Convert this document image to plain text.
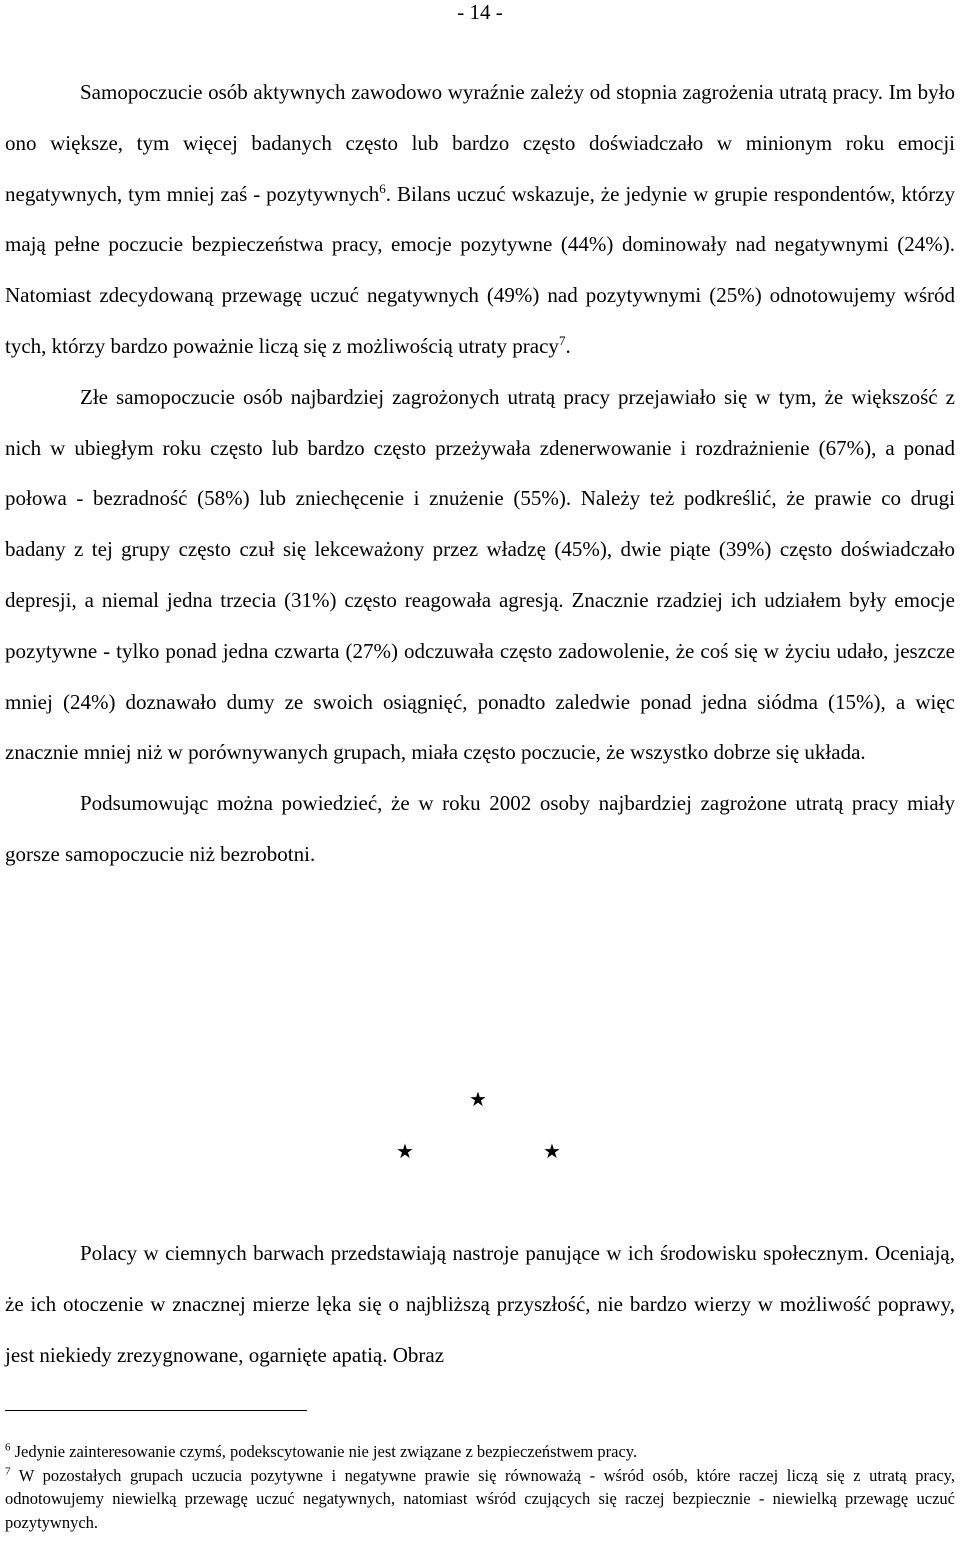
- 14 -

Samopoczucie osób aktywnych zawodowo wyraźnie zależy od stopnia zagrożenia utratą pracy. Im było ono większe, tym więcej badanych często lub bardzo często doświadczało w minionym roku emocji negatywnych, tym mniej zaś - pozytywnych$^6$. Bilans uczuć wskazuje, że jedynie w grupie respondentów, którzy mają pełne poczucie bezpieczeństwa pracy, emocje pozytywne (44%) dominowały nad negatywnymi (24%). Natomiast zdecydowaną przewagę uczuć negatywnych (49%) nad pozytywnymi (25%) odnotowujemy wśród tych, którzy bardzo poważnie liczą się z możliwością utraty pracy$^7$.

Złe samopoczucie osób najbardziej zagrożonych utratą pracy przejawiało się w tym, że większość z nich w ubiegłym roku często lub bardzo często przeżywała zdenerwowanie i rozdrażnienie (67%), a ponad połowa - bezradność (58%) lub zniechęcenie i znużenie (55%). Należy też podkreślić, że prawie co drugi badany z tej grupy często czuł się lekceważony przez władzę (45%), dwie piąte (39%) często doświadczało depresji, a niemal jedna trzecia (31%) często reagowała agresją. Znacznie rzadziej ich udziałem były emocje pozytywne - tylko ponad jedna czwarta (27%) odczuwała często zadowolenie, że coś się w życiu udało, jeszcze mniej (24%) doznawało dumy ze swoich osiągnięć, ponadto zaledwie ponad jedna siódma (15%), a więc znacznie mniej niż w porównywanych grupach, miała często poczucie, że wszystko dobrze się układa.

Podsumowując można powiedzieć, że w roku 2002 osoby najbardziej zagrożone utratą pracy miały gorsze samopoczucie niż bezrobotni.

★
★	★

Polacy w ciemnych barwach przedstawiają nastroje panujące w ich środowisku społecznym. Oceniają, że ich otoczenie w znacznej mierze lęka się o najbliższą przyszłość, nie bardzo wierzy w możliwość poprawy, jest niekiedy zrezygnowane, ogarnięte apatią. Obraz

$^6$ Jedynie zainteresowanie czymś, podekscytowanie nie jest związane z bezpieczeństwem pracy.

$^7$ W pozostałych grupach uczucia pozytywne i negatywne prawie się równoważą - wśród osób, które raczej liczą się z utratą pracy, odnotowujemy niewielką przewagę uczuć negatywnych, natomiast wśród czujących się raczej bezpiecznie - niewielką przewagę uczuć pozytywnych.
